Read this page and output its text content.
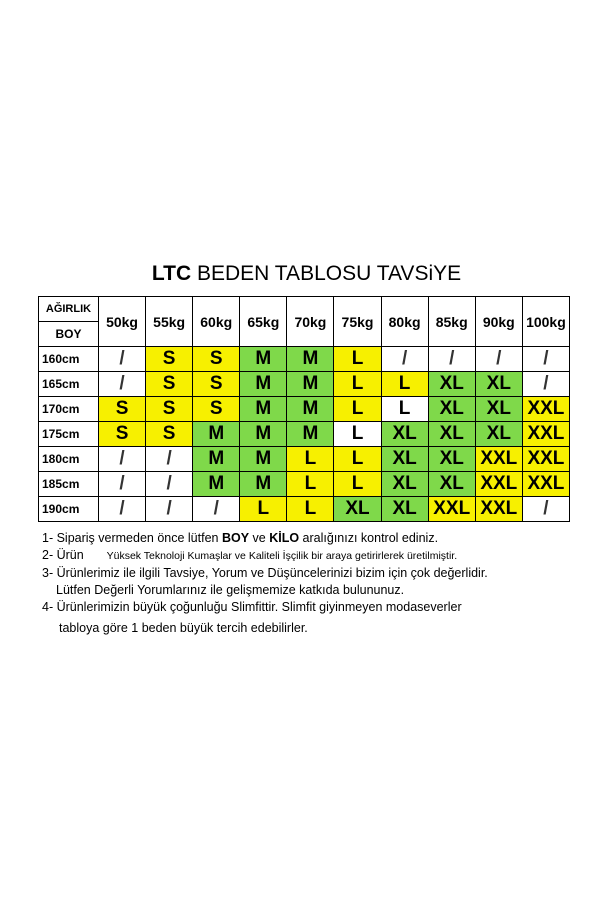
LTC BEDEN TABLOSU TAVSiYE
AĞIRLIK	50kg	55kg	60kg	65kg	70kg	75kg	80kg	85kg	90kg	100kg
BOY										
160cm	/	S	S	M	M	L	/	/	/	/
165cm	/	S	S	M	M	L	L	XL	XL	/
170cm	S	S	S	M	M	L	L	XL	XL	XXL
175cm	S	S	M	M	M	L	XL	XL	XL	XXL
180cm	/	/	M	M	L	L	XL	XL	XXL	XXL
185cm	/	/	M	M	L	L	XL	XL	XXL	XXL
190cm	/	/	/	L	L	XL	XL	XXL	XXL	/
1- Sipariş vermeden önce lütfen BOY ve KİLO aralığınızı kontrol ediniz.
2- Ürün Yüksek Teknoloji Kumaşlar ve Kaliteli İşçilik bir araya getirirlerek üretilmiştir.
3- Ürünlerimiz ile ilgili Tavsiye, Yorum ve Düşüncelerinizi bizim için çok değerlidir.
Lütfen Değerli Yorumlarınız ile gelişmemize katkıda bulununuz.
4- Ürünlerimizin büyük çoğunluğu Slimfittir. Slimfit giyinmeyen modaseverler
tabloya göre 1 beden büyük tercih edebilirler.
